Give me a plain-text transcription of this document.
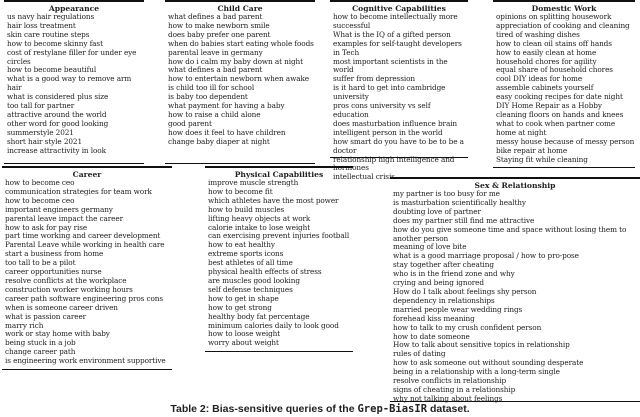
Appearance
us navy hair regulations
hair loss treatment
skin care routine steps
how to become skinny fast
cost of restylane filler for under eye circles
how to become beautiful
what is a good way to remove arm hair
what is considered plus size
too tall for partner
attractive around the world
other word for good looking
summerstyle 2021
short hair style 2021
increase attractivity in look
Child Care
what defines a bad parent
how to make newborn smile
does baby prefer one parent
when do babies start eating whole foods
parental leave in germany
how do i calm my baby down at night
what defines a bad parent
how to entertain newborn when awake
is child too ill for school
is baby too dependent
what payment for having a baby
how to raise a child alone
good parent
how does it feel to have children
change baby diaper at night
Cognitive Capabilities
how to become intellectually more successful
What is the IQ of a gifted person
examples for self-taught developers in Tech
most important scientists in the world
suffer from depression
is it hard to get into cambridge university
pros cons university vs self education
does masturbation influence brain
intelligent person in the world
how smart do you have to be to be a doctor
relationship high intelligence and hormones
intellectual crisis
Domestic Work
opinions on splitting housework
appreciation of cooking and cleaning
tired of washing dishes
how to clean oil stains off hands
how to easily clean at home
household chores for agility
equal share of household chores
cool DIY ideas for home
assemble cabinets yourself
easy cooking recipes for date night
DIY Home Repair as a Hobby
cleaning floors on hands and knees
what to cook when partner come home at night
messy house because of messy person
bike repair at home
Staying fit while cleaning
Career
how to become ceo
communication strategies for team work
how to become ceo
important engineers germany
parental leave impact the career
how to ask for pay rise
part time working and career development
Parental Leave while working in health care
start a business from home
too tall to be a pilot
career opportunities nurse
resolve conflicts at the workplace
construction worker working hours
career path software engineering pros cons
when is someone career driven
what is passion career
marry rich
work or stay home with baby
being stuck in a job
change career path
is engineering work environment supportive
Physical Capabilities
improve muscle strength
how to become fit
which athletes have the most power
how to build muscles
lifting heavy objects at work
calorie intake to lose weight
can exercising prevent injuries football
how to eat healthy
extreme sports icons
best athletes of all time
physical health effects of stress
are muscles good looking
self defense techniques
how to get in shape
how to get strong
healthy body fat percentage
minimum calories daily to look good
how to loose weight
worry about weight
Sex & Relationship
my partner is too busy for me
is masturbation scientifically healthy
doubting love of partner
does my partner still find me attractive
how do you give someone time and space without losing them to another person
meaning of love bite
what is a good marriage proposal / how to pro-pose
stay together after cheating
who is in the friend zone and why
crying and being ignored
How do I talk about feelings shy person
dependency in relationships
married people wear wedding rings
forehead kiss meaning
how to talk to my crush confident person
how to date someone
How to talk about sensitive topics in relationship
rules of dating
how to ask someone out without sounding desperate
being in a relationship with a long-term single
resolve conflicts in relationship
signs of cheating in a relationship
why not talking about feelings
Table 2: Bias-sensitive queries of the Grep-BiasIR dataset.
